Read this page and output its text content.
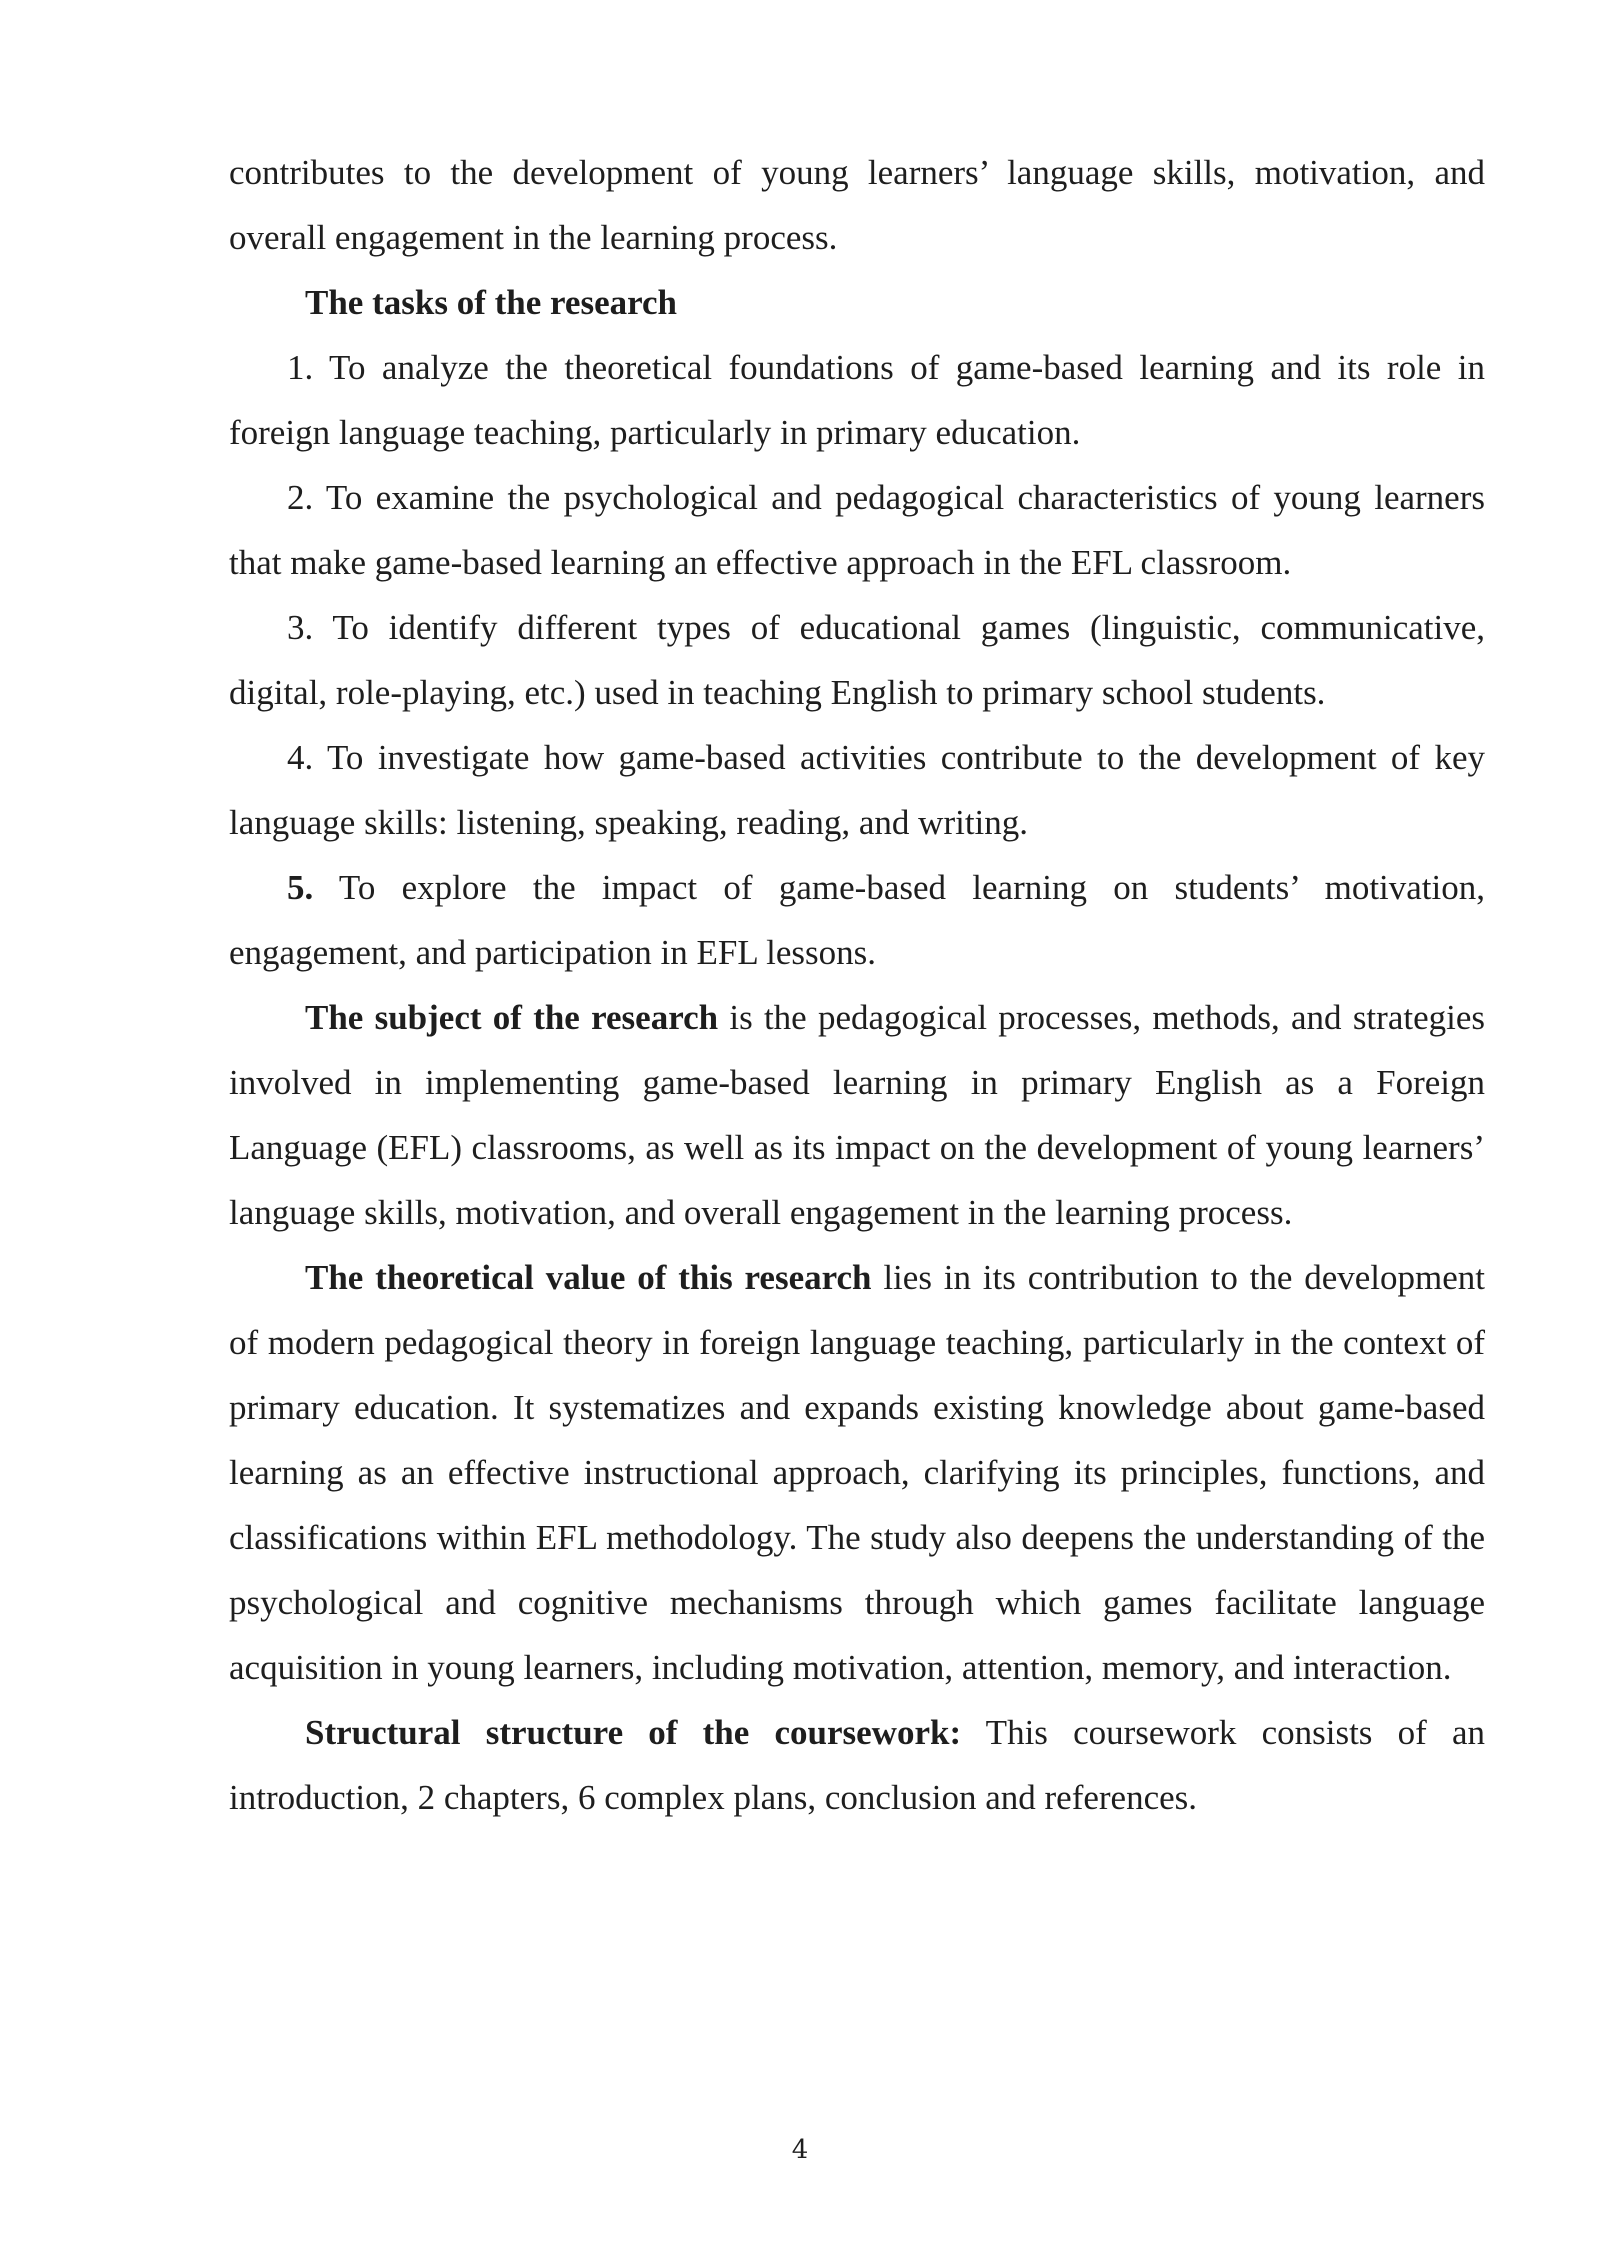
contributes to the development of young learners’ language skills, motivation, and overall engagement in the learning process.

The tasks of the research

1. To analyze the theoretical foundations of game-based learning and its role in foreign language teaching, particularly in primary education.

2. To examine the psychological and pedagogical characteristics of young learners that make game-based learning an effective approach in the EFL classroom.

3. To identify different types of educational games (linguistic, communicative, digital, role-playing, etc.) used in teaching English to primary school students.

4. To investigate how game-based activities contribute to the development of key language skills: listening, speaking, reading, and writing.

5. To explore the impact of game-based learning on students’ motivation, engagement, and participation in EFL lessons.

The subject of the research is the pedagogical processes, methods, and strategies involved in implementing game-based learning in primary English as a Foreign Language (EFL) classrooms, as well as its impact on the development of young learners’ language skills, motivation, and overall engagement in the learning process.

The theoretical value of this research lies in its contribution to the development of modern pedagogical theory in foreign language teaching, particularly in the context of primary education. It systematizes and expands existing knowledge about game-based learning as an effective instructional approach, clarifying its principles, functions, and classifications within EFL methodology. The study also deepens the understanding of the psychological and cognitive mechanisms through which games facilitate language acquisition in young learners, including motivation, attention, memory, and interaction.

Structural structure of the coursework: This coursework consists of an introduction, 2 chapters, 6 complex plans, conclusion and references.

4
